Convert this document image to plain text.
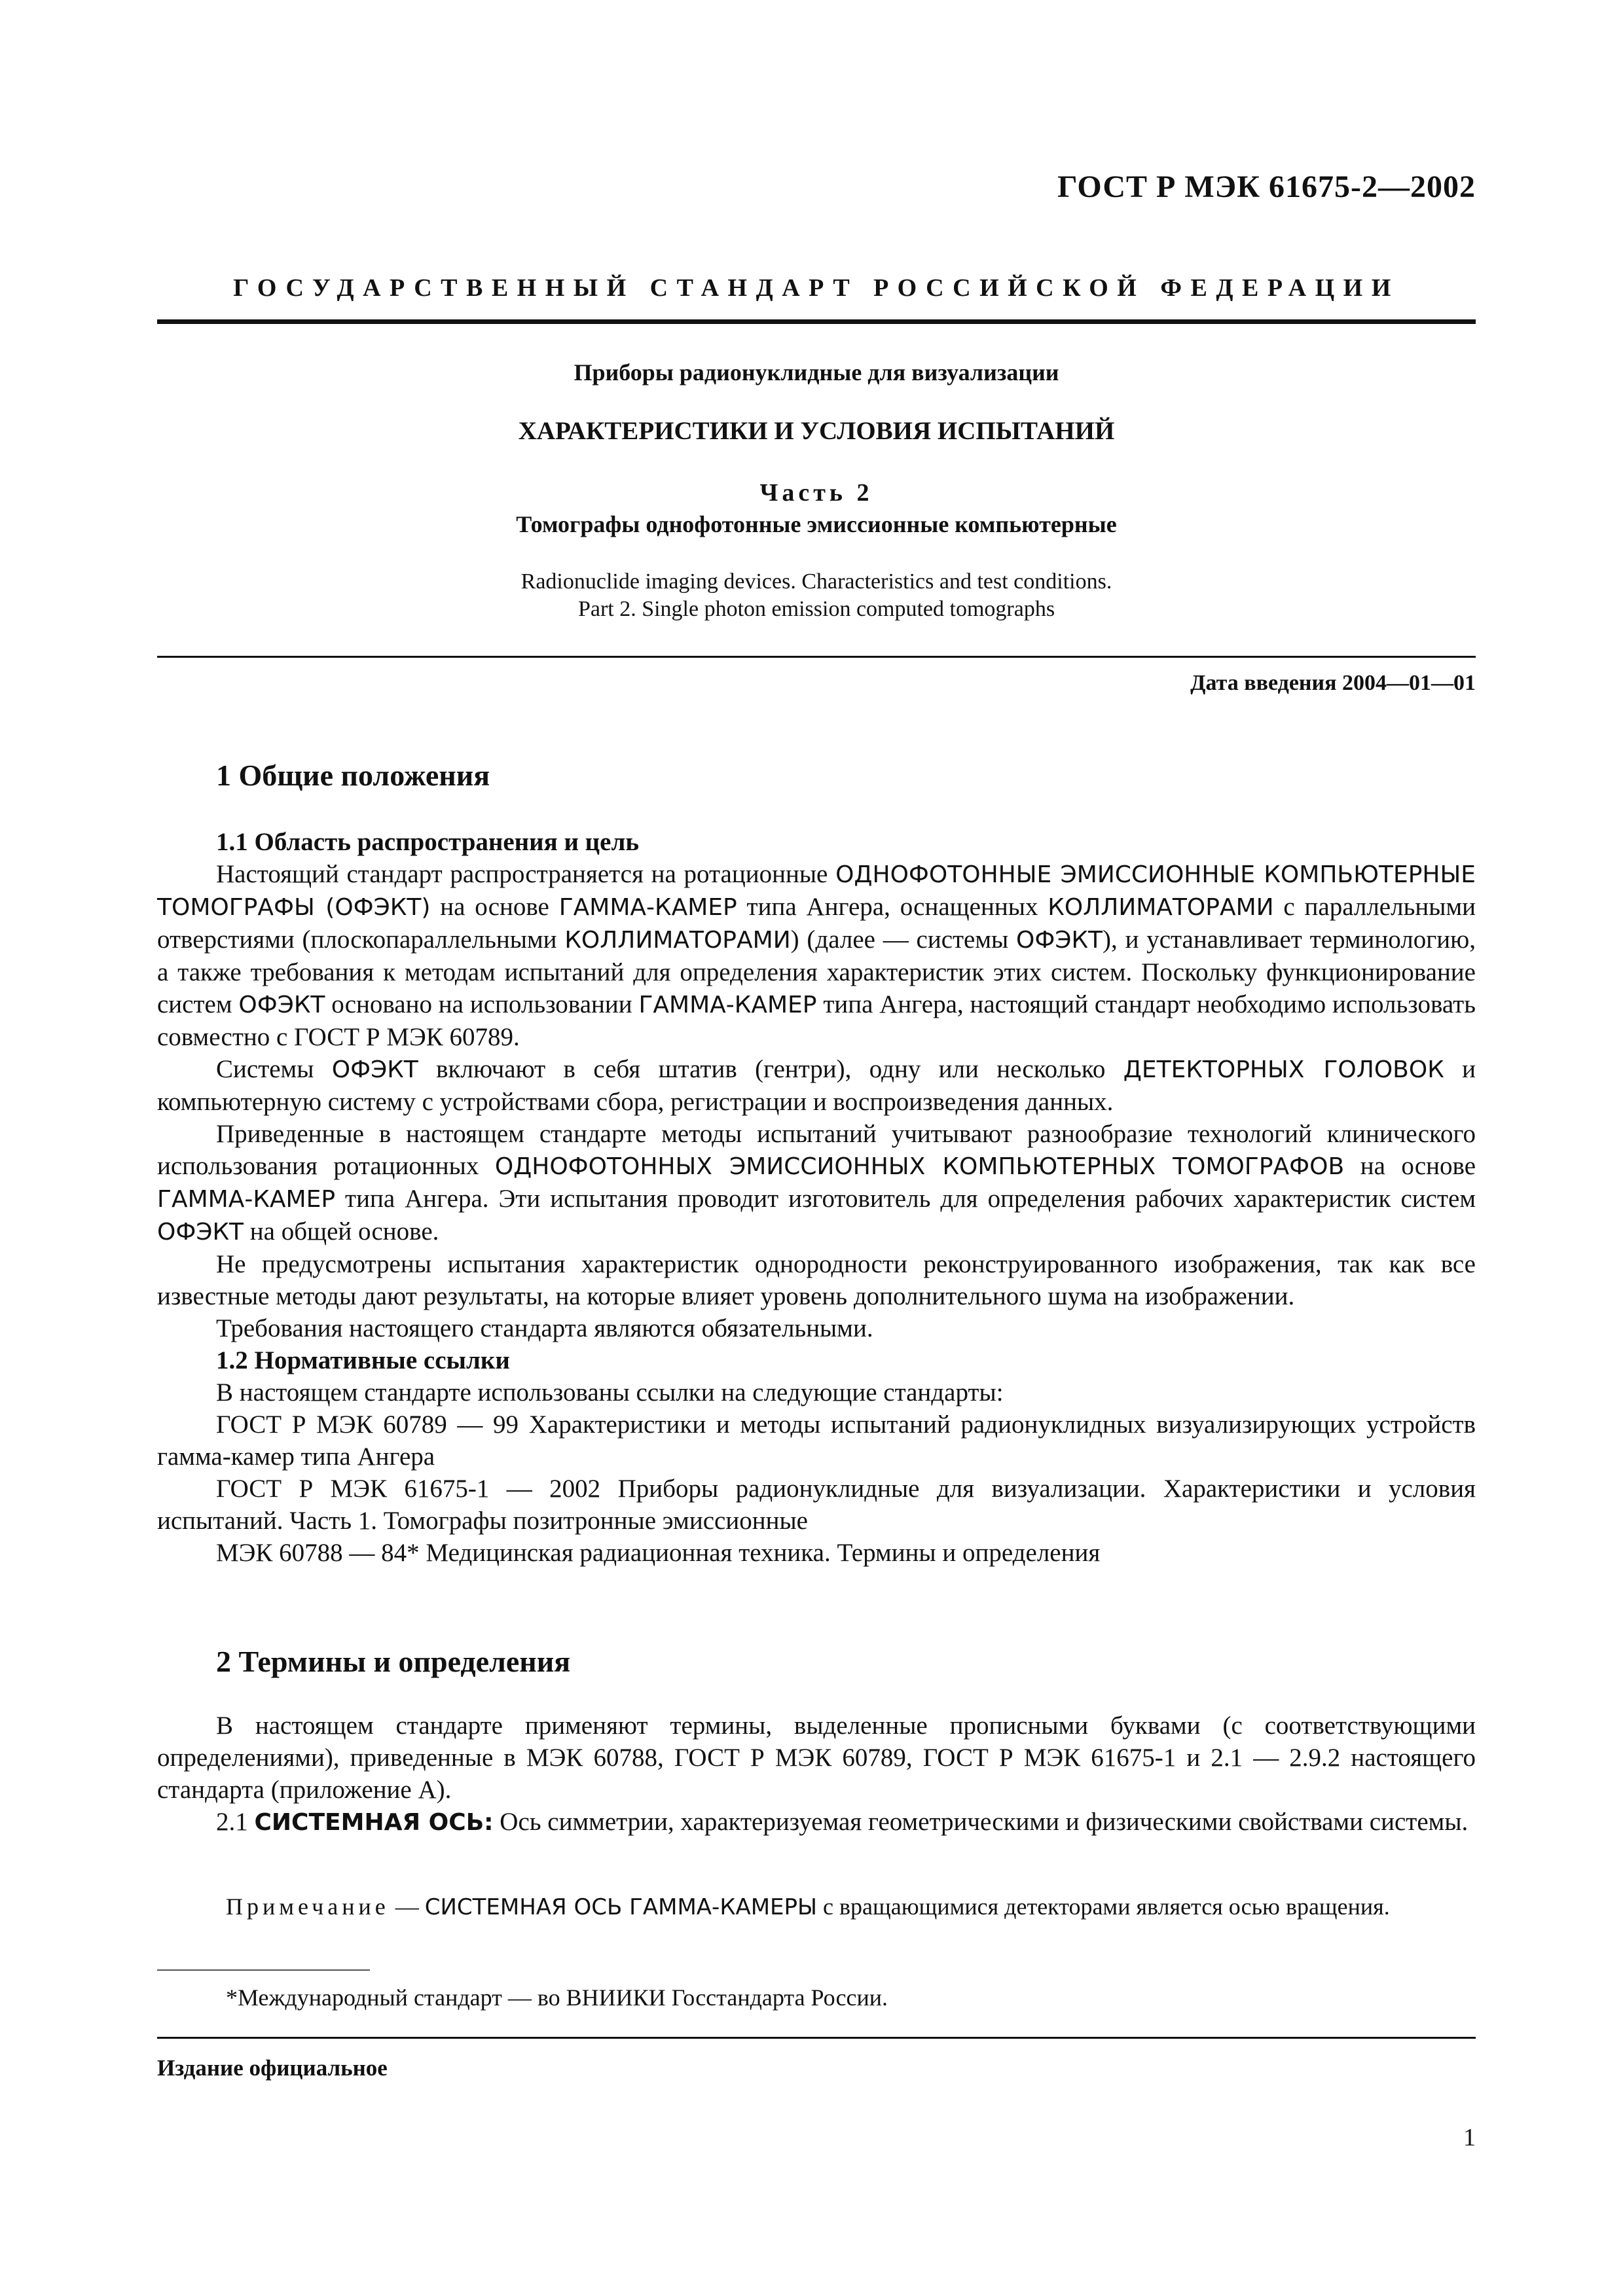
ГОСТ Р МЭК 61675-2—2002
ГОСУДАРСТВЕННЫЙ СТАНДАРТ РОССИЙСКОЙ ФЕДЕРАЦИИ
Приборы радионуклидные для визуализации
ХАРАКТЕРИСТИКИ И УСЛОВИЯ ИСПЫТАНИЙ
Часть 2
Томографы однофотонные эмиссионные компьютерные
Radionuclide imaging devices. Characteristics and test conditions.
Part 2. Single photon emission computed tomographs
Дата введения 2004—01—01
1 Общие положения

1.1 Область распространения и цель

Настоящий стандарт распространяется на ротационные ОДНОФОТОННЫЕ ЭМИССИОННЫЕ КОМПЬЮТЕРНЫЕ ТОМОГРАФЫ (ОФЭКТ) на основе ГАММА-КАМЕР типа Ангера, оснащенных КОЛЛИМАТОРАМИ с параллельными отверстиями (плоскопараллельными КОЛЛИМАТОРАМИ) (далее — системы ОФЭКТ), и устанавливает терминологию, а также требования к методам испытаний для определения характеристик этих систем. Поскольку функционирование систем ОФЭКТ основано на использовании ГАММА-КАМЕР типа Ангера, настоящий стандарт необходимо использовать совместно с ГОСТ Р МЭК 60789.

Системы ОФЭКТ включают в себя штатив (гентри), одну или несколько ДЕТЕКТОРНЫХ ГОЛОВОК и компьютерную систему с устройствами сбора, регистрации и воспроизведения данных.

Приведенные в настоящем стандарте методы испытаний учитывают разнообразие технологий клинического использования ротационных ОДНОФОТОННЫХ ЭМИССИОННЫХ КОМПЬЮТЕРНЫХ ТОМОГРАФОВ на основе ГАММА-КАМЕР типа Ангера. Эти испытания проводит изготовитель для определения рабочих характеристик систем ОФЭКТ на общей основе.

Не предусмотрены испытания характеристик однородности реконструированного изображения, так как все известные методы дают результаты, на которые влияет уровень дополнительного шума на изображении.

Требования настоящего стандарта являются обязательными.

1.2 Нормативные ссылки

В настоящем стандарте использованы ссылки на следующие стандарты:

ГОСТ Р МЭК 60789 — 99 Характеристики и методы испытаний радионуклидных визуализирующих устройств гамма-камер типа Ангера

ГОСТ Р МЭК 61675-1 — 2002 Приборы радионуклидные для визуализации. Характеристики и условия испытаний. Часть 1. Томографы позитронные эмиссионные

МЭК 60788 — 84* Медицинская радиационная техника. Термины и определения

2 Термины и определения

В настоящем стандарте применяют термины, выделенные прописными буквами (с соответствующими определениями), приведенные в МЭК 60788, ГОСТ Р МЭК 60789, ГОСТ Р МЭК 61675-1 и 2.1 — 2.9.2 настоящего стандарта (приложение А).

2.1 СИСТЕМНАЯ ОСЬ: Ось симметрии, характеризуемая геометрическими и физическими свойствами системы.

Примечание — СИСТЕМНАЯ ОСЬ ГАММА-КАМЕРЫ с вращающимися детекторами является осью вращения.

*Международный стандарт — во ВНИИКИ Госстандарта России.
Издание официальное
1
